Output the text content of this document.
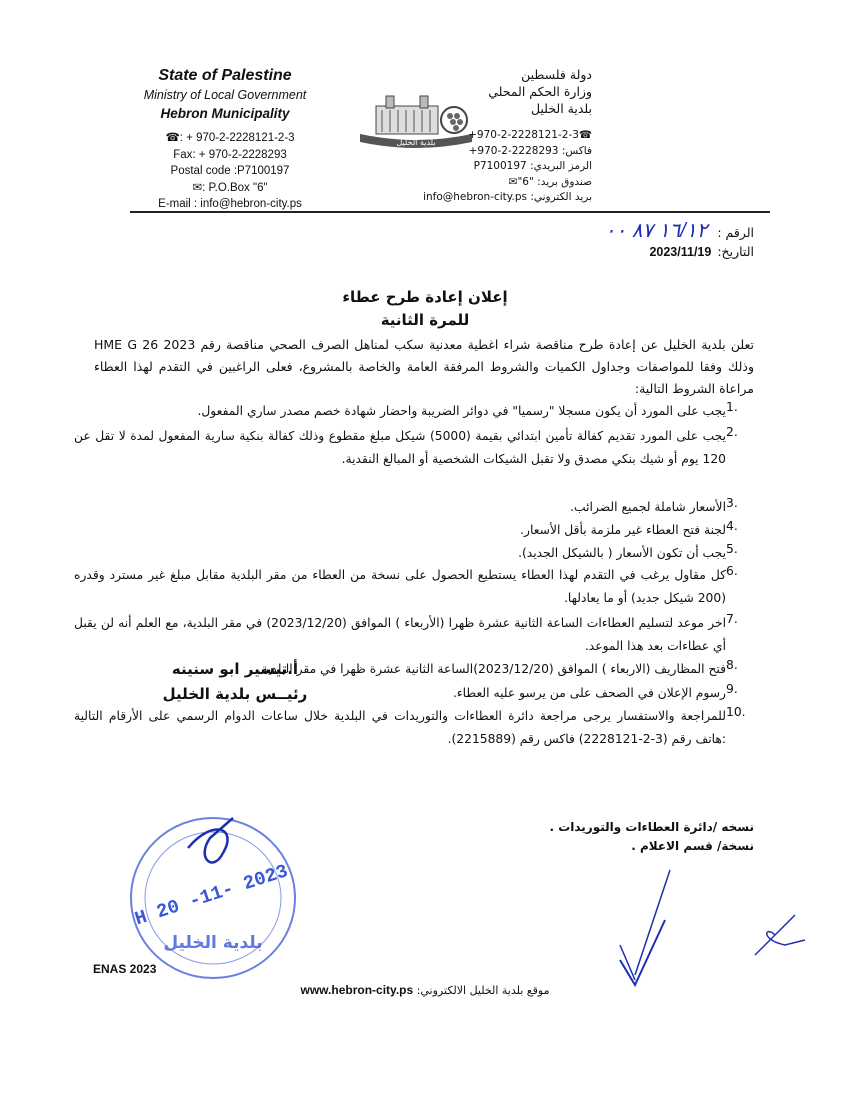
State of Palestine
Ministry of Local Government
Hebron Municipality
☎: + 970-2-2228121-2-3
Fax: + 970-2-2228293
Postal code :P7100197
✉: P.O.Box "6"
E-mail : info@hebron-city.ps
بلدية الخليل
دولة فلسطين
وزارة الحكم المحلي
بلدية الخليل
+970-2-2228121-2-3☎
فاكس: +970-2-2228293
الرمز البريدي: P7100197
صندوق بريد: "6"✉
بريد الكتروني: info@hebron-city.ps
الرقم :١٦/١٢ ٨٧ ٠٠
التاريخ:2023/11/19
إعلان إعادة طرح عطاء
للمرة الثانية
تعلن بلدية الخليل عن إعادة طرح مناقصة شراء اغطية معدنية سكب لمناهل الصرف الصحي مناقصة رقم HME G 26 2023 وذلك وفقا للمواصفات وجداول الكميات والشروط المرفقة العامة والخاصة بالمشروع، فعلى الراغبين في التقدم لهذا العطاء مراعاة الشروط التالية:
1.
يجب على المورد أن يكون مسجلا "رسميا" في دوائر الضريبة واحضار شهادة خصم مصدر ساري المفعول.
2.
يجب على المورد تقديم كفالة تأمين ابتدائي بقيمة (5000) شيكل مبلغ مقطوع وذلك كفالة بنكية سارية المفعول لمدة لا تقل عن 120 يوم أو شيك بنكي مصدق ولا تقبل الشيكات الشخصية أو المبالغ النقدية.
3.
الأسعار شاملة لجميع الضرائب.
4.
لجنة فتح العطاء غير ملزمة بأقل الأسعار.
5.
يجب أن تكون الأسعار ( بالشيكل الجديد).
6.
كل مقاول يرغب في التقدم لهذا العطاء يستطيع الحصول على نسخة من العطاء من مقر البلدية مقابل مبلغ غير مسترد وقدره (200 شيكل جديد) أو ما يعادلها.
7.
اخر موعد لتسليم العطاءات الساعة الثانية عشرة ظهرا (الأربعاء ) الموافق (2023/12/20) في مقر البلدية، مع العلم أنه لن يقبل أي عطاءات بعد هذا الموعد.
8.
فتح المظاريف (الاربعاء ) الموافق (2023/12/20)الساعة الثانية عشرة ظهرا في مقر البلدية.
9.
رسوم الإعلان في الصحف على من يرسو عليه العطاء.
10.
للمراجعة والاستفسار يرجى مراجعة دائرة العطاءات والتوريدات في البلدية خلال ساعات الدوام الرسمي على الأرقام التالية :هاتف رقم (3-2-2228121) فاكس رقم (2215889).
أ.تيسير ابو سنينه
رئيــس بلدية الخليل
H 20 -11- 2023
بلدية الخليل
نسخه /دائرة العطاءات والتوريدات .
نسخة/ قسم الاعلام .
ENAS 2023
موقع بلدية الخليل الالكتروني: www.hebron-city.ps
